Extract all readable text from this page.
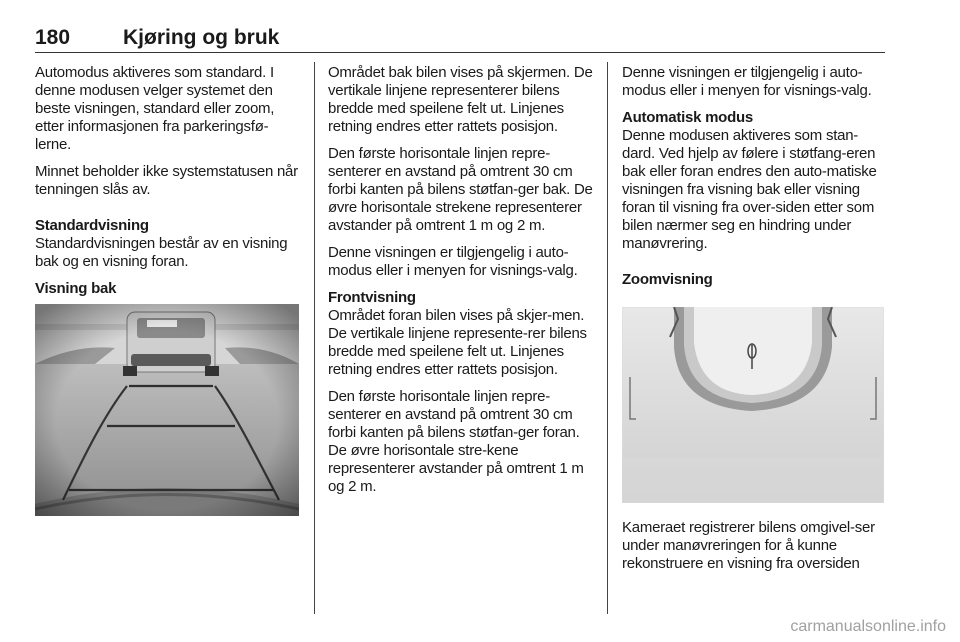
180	Kjøring og bruk

Automodus aktiveres som standard. I denne modusen velger systemet den beste visningen, standard eller zoom, etter informasjonen fra parkeringsfø-lerne.

Minnet beholder ikke systemstatusen når tenningen slås av.

Standardvisning

Standardvisningen består av en visning bak og en visning foran.

Visning bak

Området bak bilen vises på skjermen. De vertikale linjene representerer bilens bredde med speilene felt ut. Linjenes retning endres etter rattets posisjon.

Den første horisontale linjen repre-senterer en avstand på omtrent 30 cm forbi kanten på bilens støtfan-ger bak. De øvre horisontale strekene representerer avstander på omtrent 1 m og 2 m.

Denne visningen er tilgjengelig i auto-modus eller i menyen for visnings-valg.

Frontvisning

Området foran bilen vises på skjer-men. De vertikale linjene represente-rer bilens bredde med speilene felt ut. Linjenes retning endres etter rattets posisjon.

Den første horisontale linjen repre-senterer en avstand på omtrent 30 cm forbi kanten på bilens støtfan-ger foran. De øvre horisontale stre-kene representerer avstander på omtrent 1 m og 2 m.

Denne visningen er tilgjengelig i auto-modus eller i menyen for visnings-valg.

Automatisk modus

Denne modusen aktiveres som stan-dard. Ved hjelp av følere i støtfang-eren bak eller foran endres den auto-matiske visningen fra visning bak eller visning foran til visning fra over-siden etter som bilen nærmer seg en hindring under manøvrering.

Zoomvisning

Kameraet registrerer bilens omgivel-ser under manøvreringen for å kunne rekonstruere en visning fra oversiden

carmanualsonline.info
